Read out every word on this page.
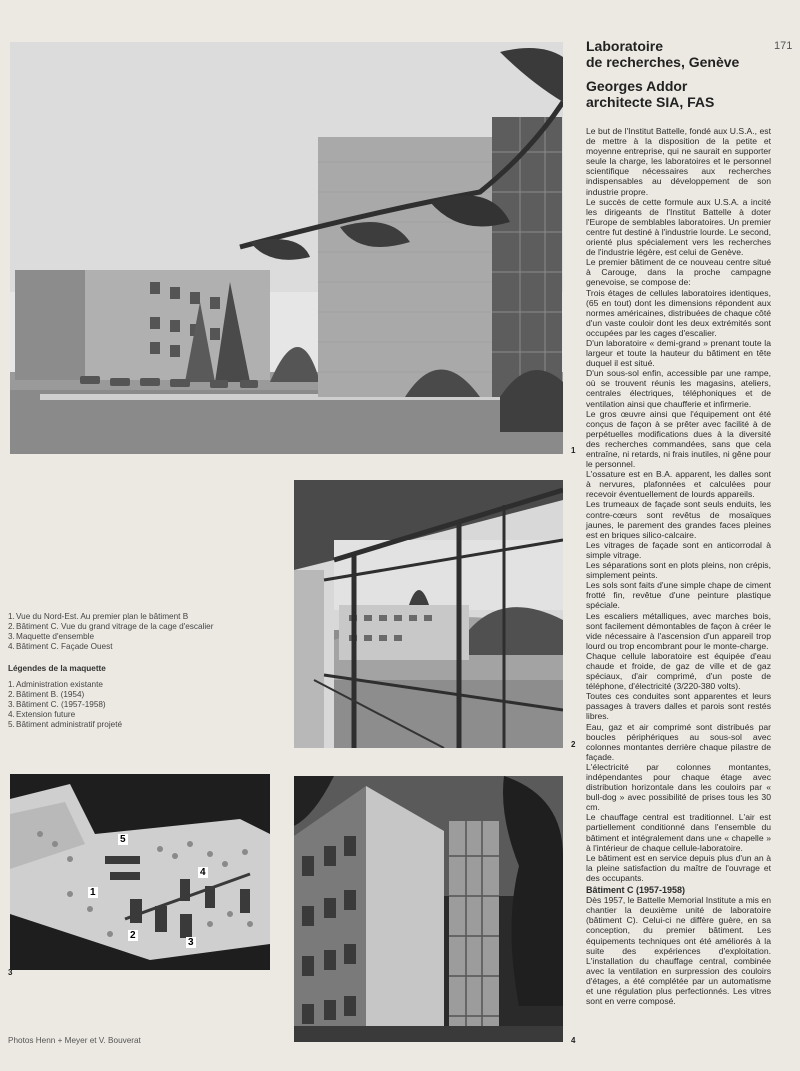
171
1
Laboratoire
de recherches, Genève
Georges Addor
architecte SIA, FAS

Le but de l'Institut Battelle, fondé aux U.S.A., est de mettre à la disposition de la petite et moyenne entreprise, qui ne saurait en supporter seule la charge, les laboratoires et le personnel scientifique nécessaires aux recherches indispensables au développement de son industrie propre.

Le succès de cette formule aux U.S.A. a incité les dirigeants de l'Institut Battelle à doter l'Europe de semblables laboratoires. Un premier centre fut destiné à l'industrie lourde. Le second, orienté plus spécialement vers les recherches de l'industrie légère, est celui de Genève.

Le premier bâtiment de ce nouveau centre situé à Carouge, dans la proche campagne genevoise, se compose de:

Trois étages de cellules laboratoires identiques, (65 en tout) dont les dimensions répondent aux normes américaines, distribuées de chaque côté d'un vaste couloir dont les deux extrémités sont occupées par les cages d'escalier.

D'un laboratoire « demi-grand » prenant toute la largeur et toute la hauteur du bâtiment en tête duquel il est situé.

D'un sous-sol enfin, accessible par une rampe, où se trouvent réunis les magasins, ateliers, centrales électriques, téléphoniques et de ventilation ainsi que chaufferie et infirmerie.

Le gros œuvre ainsi que l'équipement ont été conçus de façon à se prêter avec facilité à de perpétuelles modifications dues à la diversité des recherches commandées, sans que cela entraîne, ni retards, ni frais inutiles, ni gêne pour le personnel.

L'ossature est en B.A. apparent, les dalles sont à nervures, plafonnées et calculées pour recevoir éventuellement de lourds appareils.

Les trumeaux de façade sont seuls enduits, les contre-cœurs sont revêtus de mosaïques jaunes, le parement des grandes faces pleines est en briques silico-calcaire.

Les vitrages de façade sont en anticorrodal à simple vitrage.

Les séparations sont en plots pleins, non crépis, simplement peints.

Les sols sont faits d'une simple chape de ciment frotté fin, revêtue d'une peinture plastique spéciale.

Les escaliers métalliques, avec marches bois, sont facilement démontables de façon à créer le vide nécessaire à l'ascension d'un appareil trop lourd ou trop encombrant pour le monte-charge.

Chaque cellule laboratoire est équipée d'eau chaude et froide, de gaz de ville et de gaz spéciaux, d'air comprimé, d'un poste de téléphone, d'électricité (3/220-380 volts).

Toutes ces conduites sont apparentes et leurs passages à travers dalles et parois sont restés libres.

Eau, gaz et air comprimé sont distribués par boucles périphériques au sous-sol avec colonnes montantes derrière chaque pilastre de façade.

L'électricité par colonnes montantes, indépendantes pour chaque étage avec distribution horizontale dans les couloirs par « bull-dog » avec possibilité de prises tous les 30 cm.

Le chauffage central est traditionnel. L'air est partiellement conditionné dans l'ensemble du bâtiment et intégralement dans une « chapelle » à l'intérieur de chaque cellule-laboratoire.

Le bâtiment est en service depuis plus d'un an à la pleine satisfaction du maître de l'ouvrage et des occupants.

Bâtiment C (1957-1958)

Dès 1957, le Battelle Memorial Institute a mis en chantier la deuxième unité de laboratoire (bâtiment C). Celui-ci ne diffère guère, en sa conception, du premier bâtiment. Les équipements techniques ont été améliorés à la suite des expériences d'exploitation. L'installation du chauffage central, combinée avec la ventilation en surpression des couloirs d'étages, a été complétée par un automatisme et une régulation plus perfectionnés. Les vitres sont en verre composé.

2
1. Vue du Nord-Est. Au premier plan le bâtiment B
2. Bâtiment C. Vue du grand vitrage de la cage d'escalier
3. Maquette d'ensemble
4. Bâtiment C. Façade Ouest
Légendes de la maquette
1. Administration existante
2. Bâtiment B. (1954)
3. Bâtiment C. (1957-1958)
4. Extension future
5. Bâtiment administratif projeté
5
4
1
2
3
3
4
Photos Henn + Meyer et V. Bouverat
